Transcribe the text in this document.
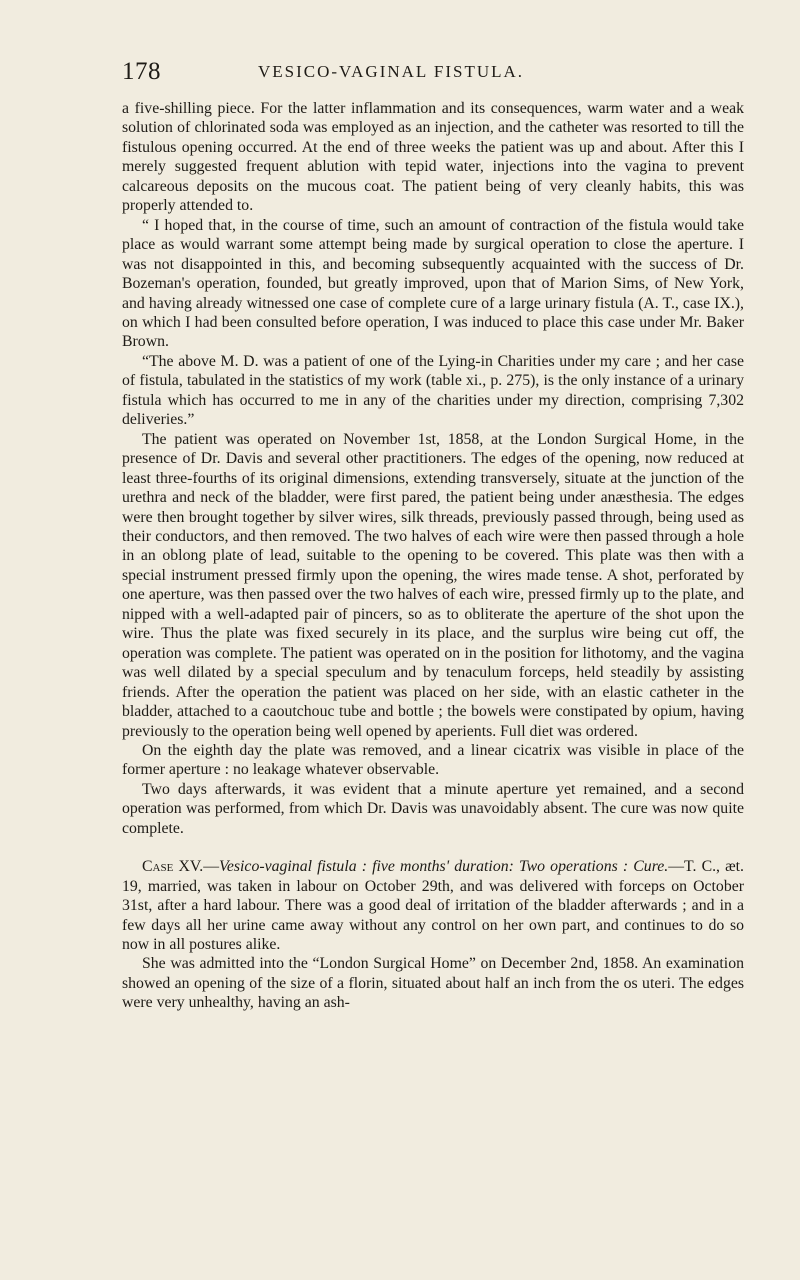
178	VESICO-VAGINAL FISTULA.

a five-shilling piece. For the latter inflammation and its consequences, warm water and a weak solution of chlorinated soda was employed as an injection, and the catheter was resorted to till the fistulous opening occurred. At the end of three weeks the patient was up and about. After this I merely suggested frequent ablution with tepid water, injections into the vagina to prevent calcareous deposits on the mucous coat. The patient being of very cleanly habits, this was properly attended to.

“ I hoped that, in the course of time, such an amount of contraction of the fistula would take place as would warrant some attempt being made by surgical operation to close the aperture. I was not disappointed in this, and becoming subsequently acquainted with the success of Dr. Bozeman's operation, founded, but greatly improved, upon that of Marion Sims, of New York, and having already witnessed one case of complete cure of a large urinary fistula (A. T., case IX.), on which I had been consulted before operation, I was induced to place this case under Mr. Baker Brown.

“The above M. D. was a patient of one of the Lying-in Charities under my care ; and her case of fistula, tabulated in the statistics of my work (table xi., p. 275), is the only instance of a urinary fistula which has occurred to me in any of the charities under my direction, comprising 7,302 deliveries.”

The patient was operated on November 1st, 1858, at the London Surgical Home, in the presence of Dr. Davis and several other practitioners. The edges of the opening, now reduced at least three-fourths of its original dimensions, extending transversely, situate at the junction of the urethra and neck of the bladder, were first pared, the patient being under anæsthesia. The edges were then brought together by silver wires, silk threads, previously passed through, being used as their conductors, and then removed. The two halves of each wire were then passed through a hole in an oblong plate of lead, suitable to the opening to be covered. This plate was then with a special instrument pressed firmly upon the opening, the wires made tense. A shot, perforated by one aperture, was then passed over the two halves of each wire, pressed firmly up to the plate, and nipped with a well-adapted pair of pincers, so as to obliterate the aperture of the shot upon the wire. Thus the plate was fixed securely in its place, and the surplus wire being cut off, the operation was complete. The patient was operated on in the position for lithotomy, and the vagina was well dilated by a special speculum and by tenaculum forceps, held steadily by assisting friends. After the operation the patient was placed on her side, with an elastic catheter in the bladder, attached to a caoutchouc tube and bottle ; the bowels were constipated by opium, having previously to the operation being well opened by aperients. Full diet was ordered.

On the eighth day the plate was removed, and a linear cicatrix was visible in place of the former aperture : no leakage whatever observable.

Two days afterwards, it was evident that a minute aperture yet remained, and a second operation was performed, from which Dr. Davis was unavoidably absent. The cure was now quite complete.

Case XV.—Vesico-vaginal fistula : five months' duration: Two operations : Cure.—T. C., æt. 19, married, was taken in labour on October 29th, and was delivered with forceps on October 31st, after a hard labour. There was a good deal of irritation of the bladder afterwards ; and in a few days all her urine came away without any control on her own part, and continues to do so now in all postures alike.

She was admitted into the “London Surgical Home” on December 2nd, 1858. An examination showed an opening of the size of a florin, situated about half an inch from the os uteri. The edges were very unhealthy, having an ash-
